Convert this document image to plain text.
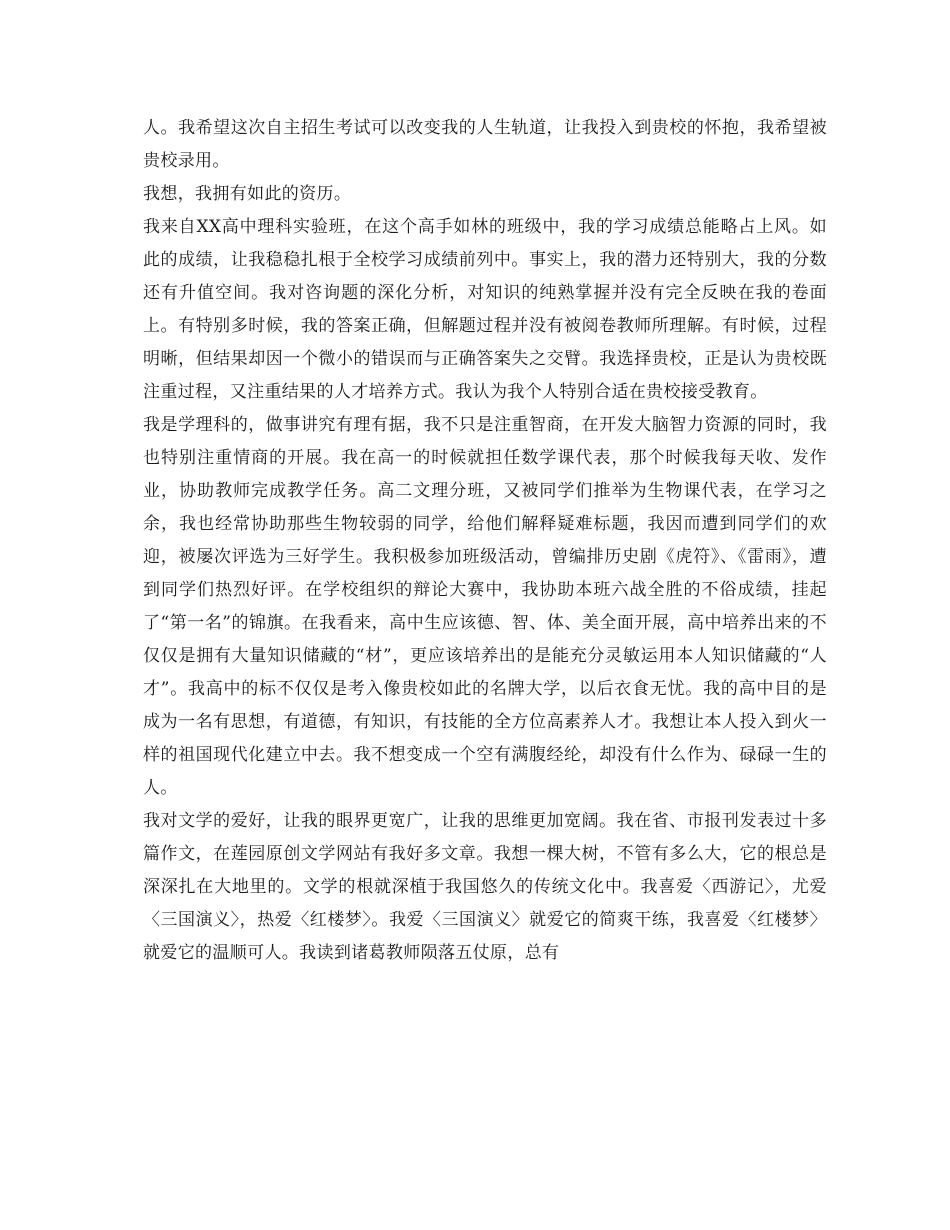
人。我希望这次自主招生考试可以改变我的人生轨道，让我投入到贵校的怀抱，我希望被贵校录用。

我想，我拥有如此的资历。

我来自XX高中理科实验班，在这个高手如林的班级中，我的学习成绩总能略占上风。如此的成绩，让我稳稳扎根于全校学习成绩前列中。事实上，我的潜力还特别大，我的分数还有升值空间。我对咨询题的深化分析，对知识的纯熟掌握并没有完全反映在我的卷面上。有特别多时候，我的答案正确，但解题过程并没有被阅卷教师所理解。有时候，过程明晰，但结果却因一个微小的错误而与正确答案失之交臂。我选择贵校，正是认为贵校既注重过程，又注重结果的人才培养方式。我认为我个人特别合适在贵校接受教育。

我是学理科的，做事讲究有理有据，我不只是注重智商，在开发大脑智力资源的同时，我也特别注重情商的开展。我在高一的时候就担任数学课代表，那个时候我每天收、发作业，协助教师完成教学任务。高二文理分班，又被同学们推举为生物课代表，在学习之余，我也经常协助那些生物较弱的同学，给他们解释疑难标题，我因而遭到同学们的欢迎，被屡次评选为三好学生。我积极参加班级活动，曾编排历史剧《虎符》、《雷雨》，遭到同学们热烈好评。在学校组织的辩论大赛中，我协助本班六战全胜的不俗成绩，挂起了“第一名”的锦旗。在我看来，高中生应该德、智、体、美全面开展，高中培养出来的不仅仅是拥有大量知识储藏的“材”，更应该培养出的是能充分灵敏运用本人知识储藏的“人才”。我高中的标不仅仅是考入像贵校如此的名牌大学，以后衣食无忧。我的高中目的是成为一名有思想，有道德，有知识，有技能的全方位高素养人才。我想让本人投入到火一样的祖国现代化建立中去。我不想变成一个空有满腹经纶，却没有什么作为、碌碌一生的人。

我对文学的爱好，让我的眼界更宽广，让我的思维更加宽阔。我在省、市报刊发表过十多篇作文，在莲园原创文学网站有我好多文章。我想一棵大树，不管有多么大，它的根总是深深扎在大地里的。文学的根就深植于我国悠久的传统文化中。我喜爱〈西游记〉，尤爱〈三国演义〉，热爱〈红楼梦〉。我爱〈三国演义〉就爱它的简爽干练，我喜爱〈红楼梦〉就爱它的温顺可人。我读到诸葛教师陨落五仗原，总有
